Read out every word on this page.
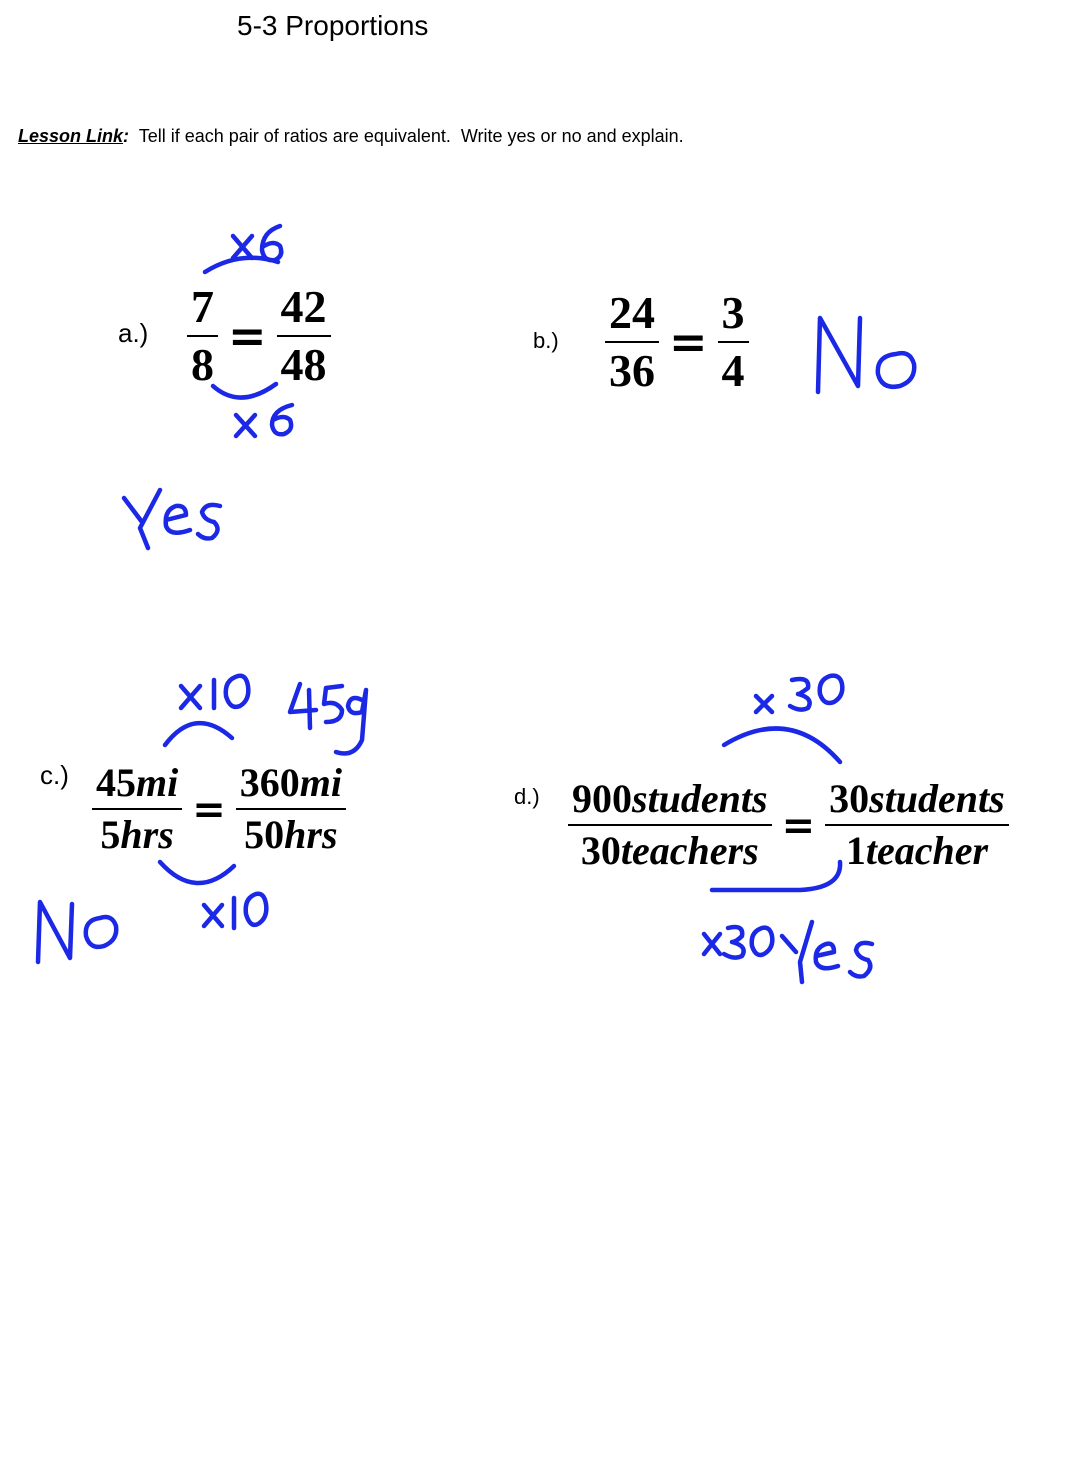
5-3 Proportions
Lesson Link:  Tell if each pair of ratios are equivalent.  Write yes or no and explain.
$a.) \frac{7}{8} = \frac{42}{48}$	$b.) \frac{24}{36} = \frac{3}{4}$
$c.) \frac{45mi}{\text{5hrs}} = \frac{360mi}{\text{50hrs}}$	$d.) \frac{\text{900students}}{\text{30teachers}} = \frac{\text{30students}}{\text{1teacher}}$
